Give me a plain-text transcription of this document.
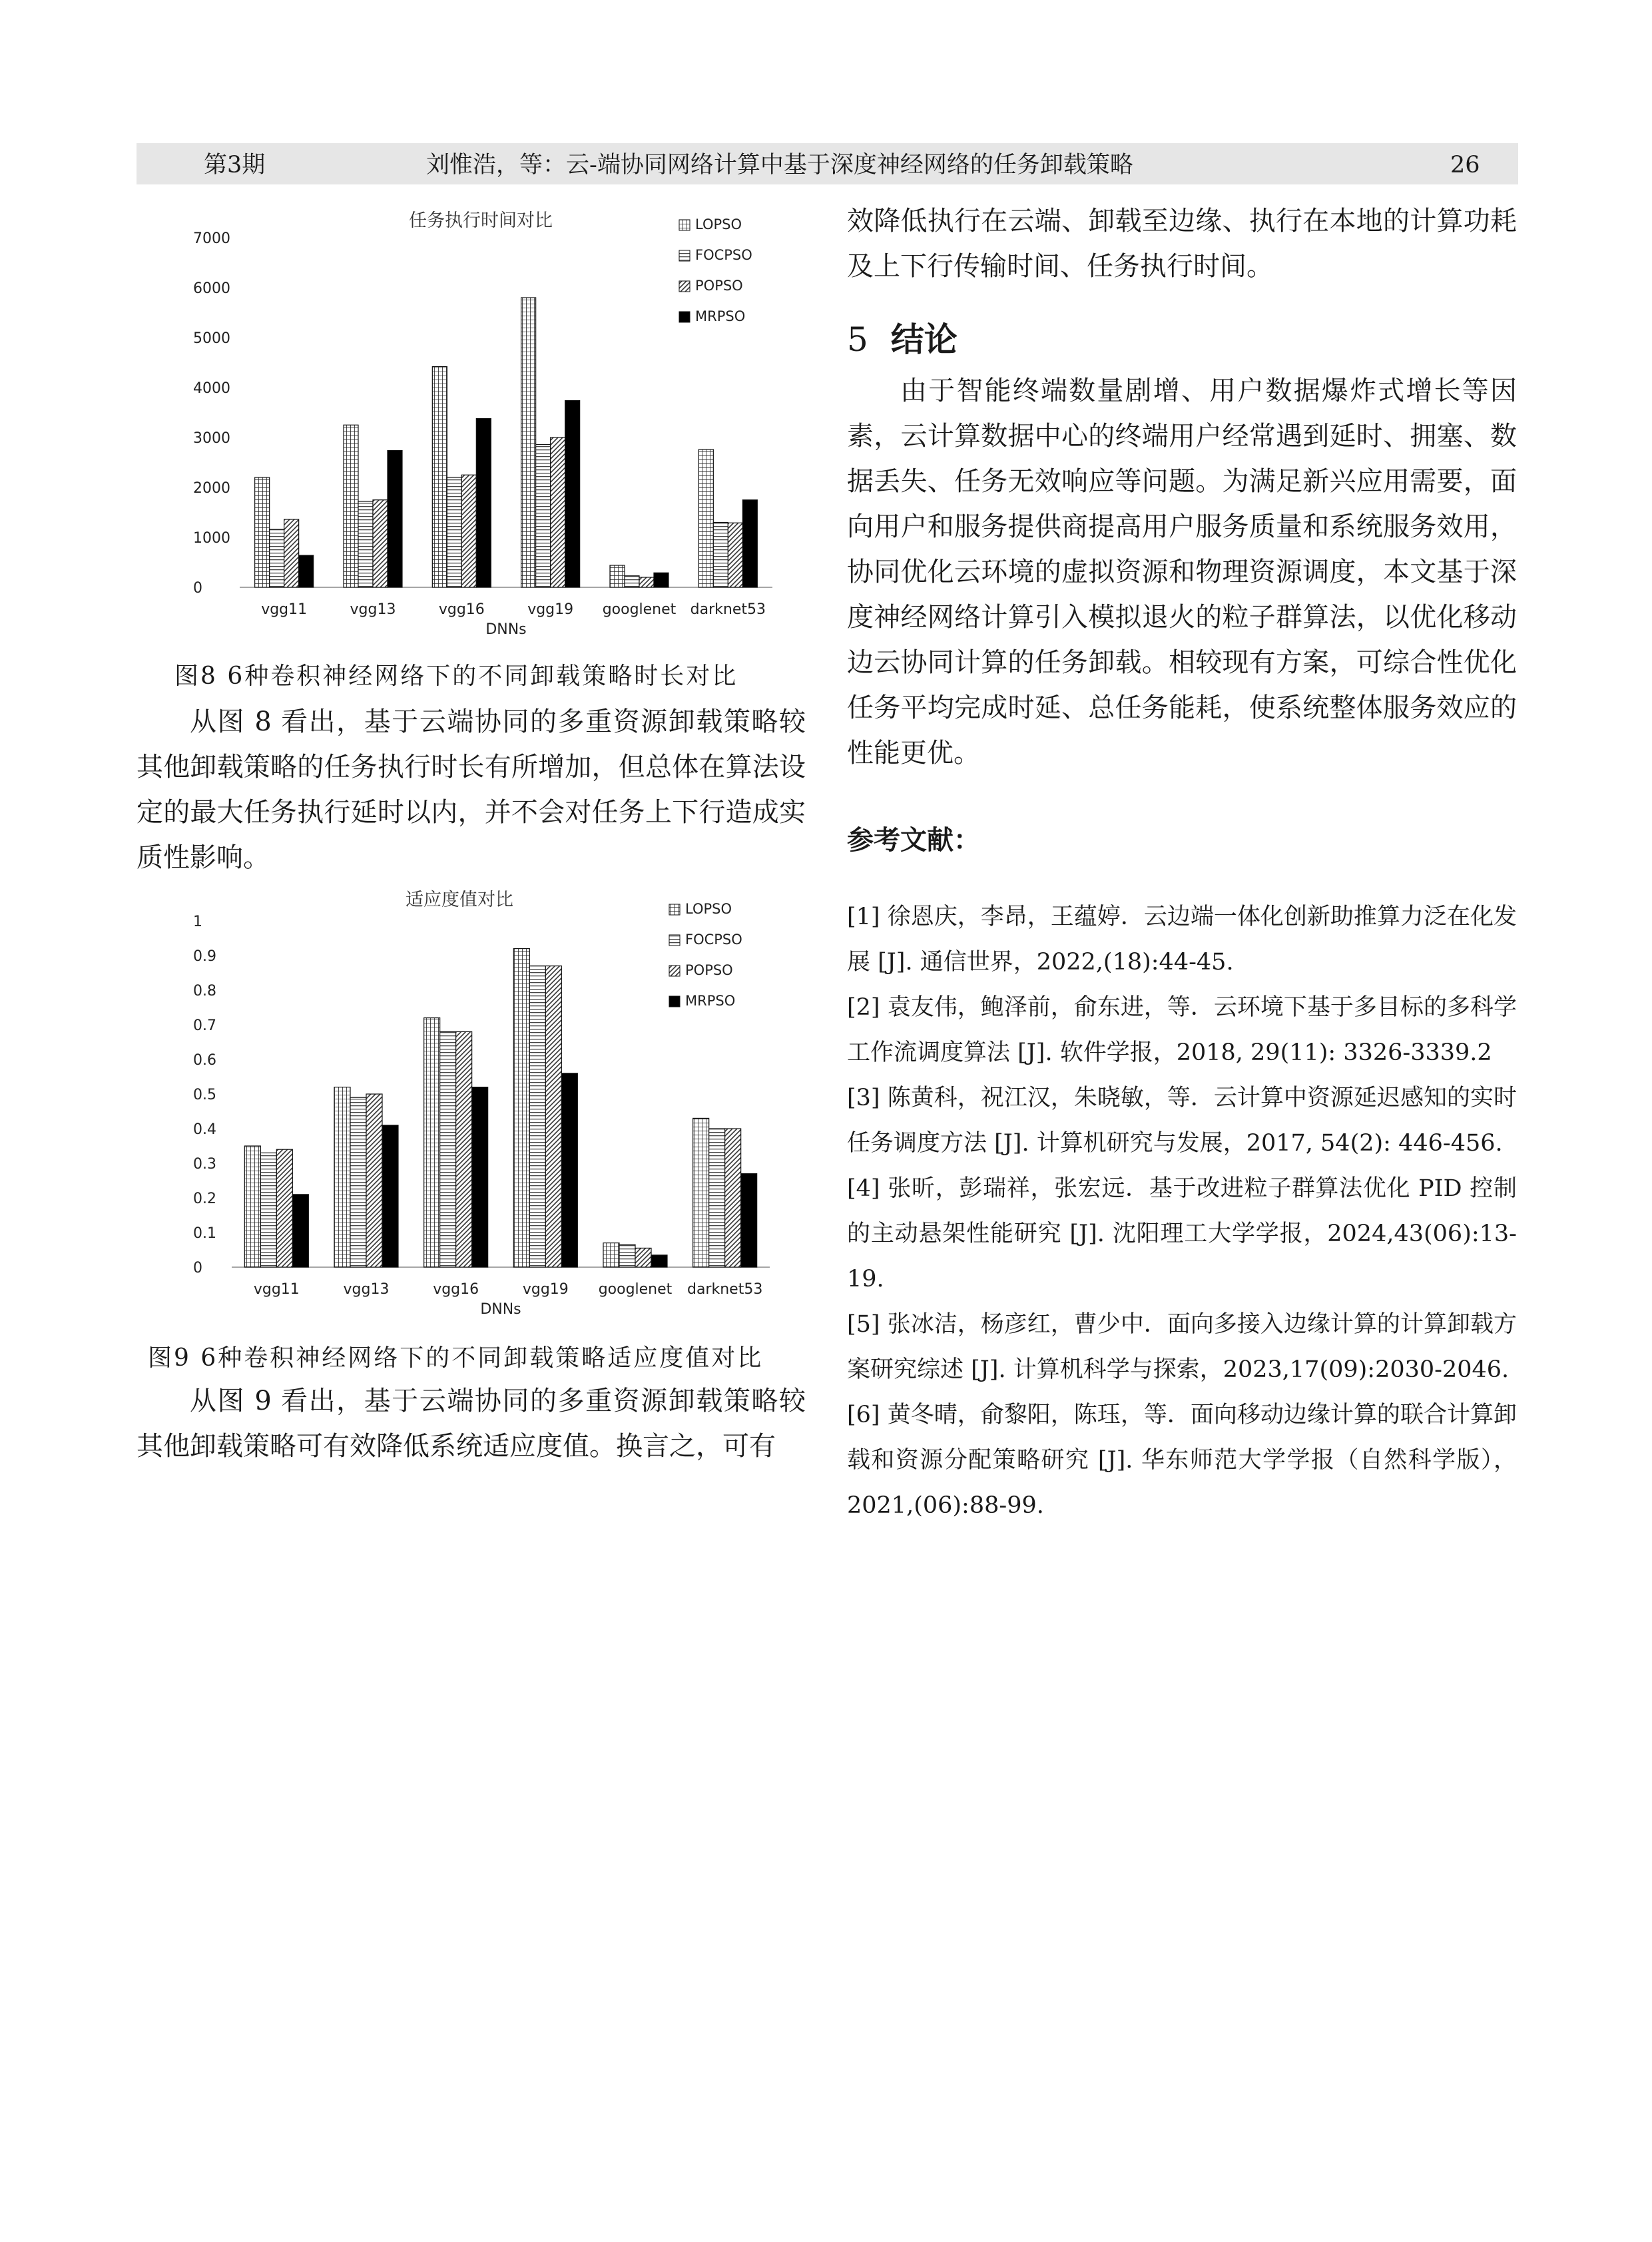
第3期	刘惟浩，等：云-端协同网络计算中基于深度神经网络的任务卸载策略	26
任务执行时间对比
0
1000
2000
3000
4000
5000
6000
7000
vgg11	vgg13	vgg16	vgg19 googlenet darknet53
DNNs
LOPSO
FOCPSO
POPSO
MRPSO
图8 6种卷积神经网络下的不同卸载策略时长对比
从图 8 看出，基于云端协同的多重资源卸载策略较其他卸载策略的任务执行时长有所增加，但总体在算法设定的最大任务执行延时以内，并不会对任务上下行造成实质性影响。
适应度值对比
0
0.1
0.2
0.3
0.4
0.5
0.6
0.7
0.8
0.9
1
vgg11	vgg13	vgg16	vgg19 googlenet darknet53
DNNs
LOPSO
FOCPSO
POPSO
MRPSO
图9 6种卷积神经网络下的不同卸载策略适应度值对比
从图 9 看出，基于云端协同的多重资源卸载策略较其他卸载策略可有效降低系统适应度值。换言之，可有
效降低执行在云端、卸载至边缘、执行在本地的计算功耗及上下行传输时间、任务执行时间。
5 结论
由于智能终端数量剧增、用户数据爆炸式增长等因素，云计算数据中心的终端用户经常遇到延时、拥塞、数据丢失、任务无效响应等问题。为满足新兴应用需要，面向用户和服务提供商提高用户服务质量和系统服务效用，协同优化云环境的虚拟资源和物理资源调度，本文基于深度神经网络计算引入模拟退火的粒子群算法，以优化移动边云协同计算的任务卸载。相较现有方案，可综合性优化任务平均完成时延、总任务能耗，使系统整体服务效应的性能更优。
参考文献：

[1] 徐恩庆，李昂，王蕴婷．云边端一体化创新助推算力泛在化发展 [J]. 通信世界，2022,(18):44-45.

[2] 袁友伟，鲍泽前，俞东进，等．云环境下基于多目标的多科学工作流调度算法 [J]. 软件学报，2018, 29(11): 3326-3339.2

[3] 陈黄科，祝江汉，朱晓敏，等．云计算中资源延迟感知的实时任务调度方法 [J]. 计算机研究与发展，2017, 54(2): 446-456.

[4] 张昕，彭瑞祥，张宏远．基于改进粒子群算法优化 PID 控制的主动悬架性能研究 [J]. 沈阳理工大学学报，2024,43(06):13-19.

[5] 张冰洁，杨彦红，曹少中．面向多接入边缘计算的计算卸载方案研究综述 [J]. 计算机科学与探索，2023,17(09):2030-2046.

[6] 黄冬晴，俞黎阳，陈珏，等．面向移动边缘计算的联合计算卸载和资源分配策略研究 [J]. 华东师范大学学报（自然科学版），2021,(06):88-99.
